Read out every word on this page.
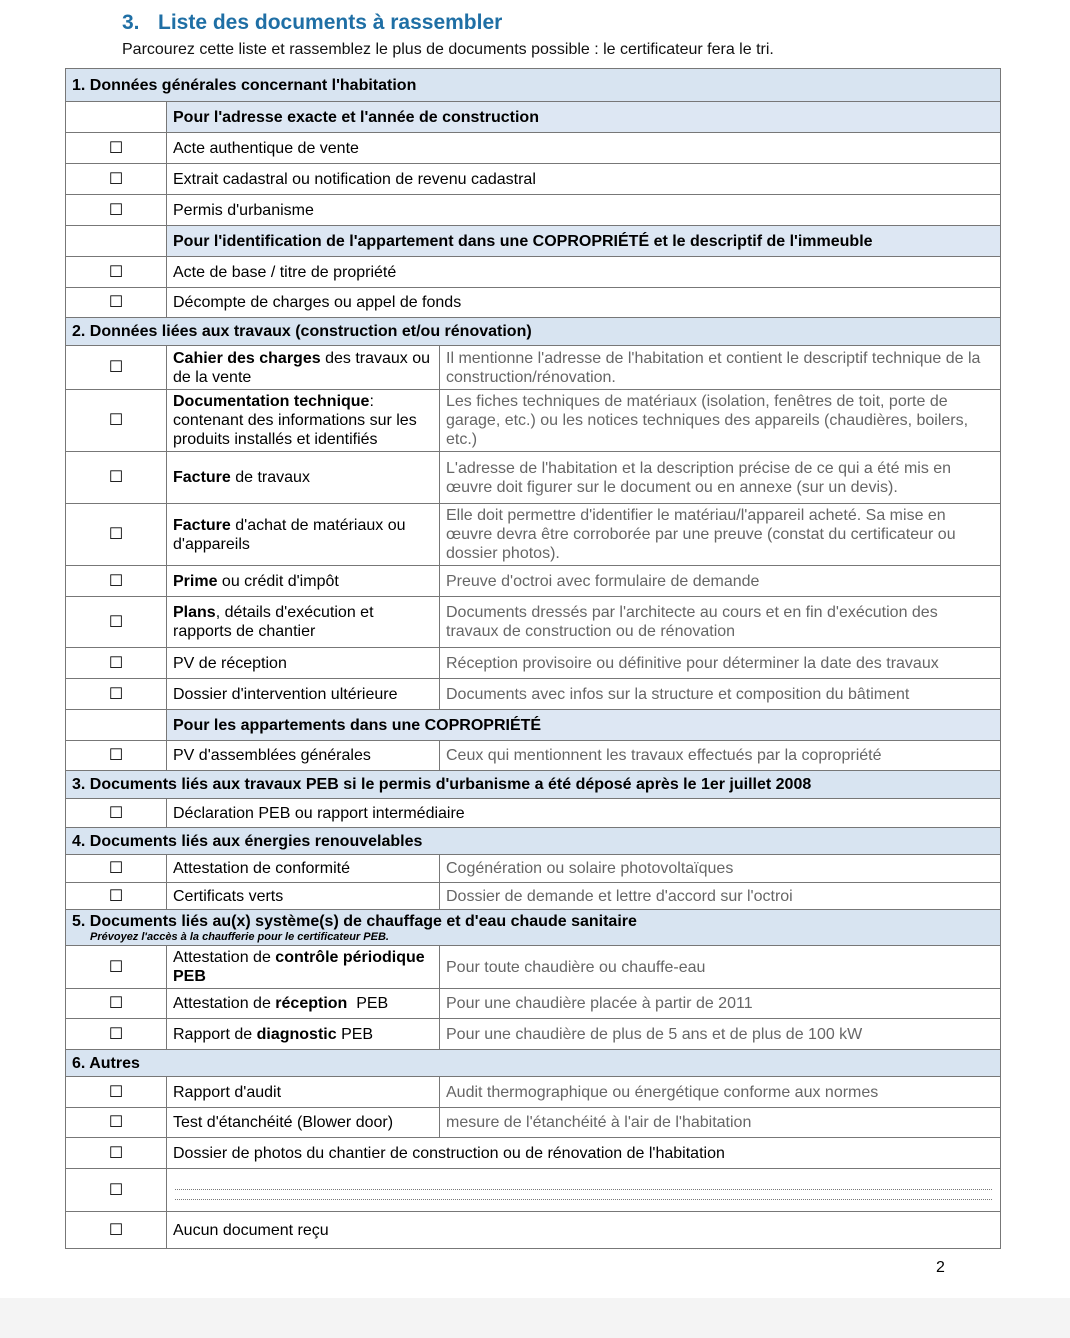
3. Liste des documents à rassembler
Parcourez cette liste et rassemblez le plus de documents possible : le certificateur fera le tri.
1. Données générales concernant l'habitation		
	Pour l'adresse exacte et l'année de construction	
☐	Acte authentique de vente	
☐	Extrait cadastral ou notification de revenu cadastral	
☐	Permis d'urbanisme	
	Pour l'identification de l'appartement dans une COPROPRIÉTÉ et le descriptif de l'immeuble	
☐	Acte de base / titre de propriété	
☐	Décompte de charges ou appel de fonds	
2. Données liées aux travaux (construction et/ou rénovation)		
☐	Cahier des charges des travaux ou de la vente	Il mentionne l'adresse de l'habitation et contient le descriptif technique de la construction/rénovation.
☐	Documentation technique: contenant des informations sur les produits installés et identifiés	Les fiches techniques de matériaux (isolation, fenêtres de toit, porte de garage, etc.) ou les notices techniques des appareils (chaudières, boilers, etc.)
☐	Facture de travaux	L'adresse de l'habitation et la description précise de ce qui a été mis en œuvre doit figurer sur le document ou en annexe (sur un devis).
☐	Facture d'achat de matériaux ou d'appareils	Elle doit permettre d'identifier le matériau/l'appareil acheté. Sa mise en œuvre devra être corroborée par une preuve (constat du certificateur ou dossier photos).
☐	Prime ou crédit d'impôt	Preuve d'octroi avec formulaire de demande
☐	Plans, détails d'exécution et rapports de chantier	Documents dressés par l'architecte au cours et en fin d'exécution des travaux de construction ou de rénovation
☐	PV de réception	Réception provisoire ou définitive pour déterminer la date des travaux
☐	Dossier d'intervention ultérieure	Documents avec infos sur la structure et composition du bâtiment
	Pour les appartements dans une COPROPRIÉTÉ	
☐	PV d'assemblées générales	Ceux qui mentionnent les travaux effectués par la copropriété
3. Documents liés aux travaux PEB si le permis d'urbanisme a été déposé après le 1er juillet 2008		
☐	Déclaration PEB ou rapport intermédiaire	
4. Documents liés aux énergies renouvelables		
☐	Attestation de conformité	Cogénération ou solaire photovoltaïques
☐	Certificats verts	Dossier de demande et lettre d'accord sur l'octroi
5. Documents liés au(x) système(s) de chauffage et d'eau chaude sanitaire
Prévoyez l'accès à la chaufferie pour le certificateur PEB.		

☐	Attestation de contrôle périodique PEB	Pour toute chaudière ou chauffe-eau
☐	Attestation de réception  PEB	Pour une chaudière placée à partir de 2011
☐	Rapport de diagnostic PEB	Pour une chaudière de plus de 5 ans et de plus de 100 kW
6. Autres		
☐	Rapport d'audit	Audit thermographique ou énergétique conforme aux normes
☐	Test d'étanchéité (Blower door)	mesure de l'étanchéité à l'air de l'habitation
☐	Dossier de photos du chantier de construction ou de rénovation de l'habitation	
☐		

☐	Aucun document reçu	
2
